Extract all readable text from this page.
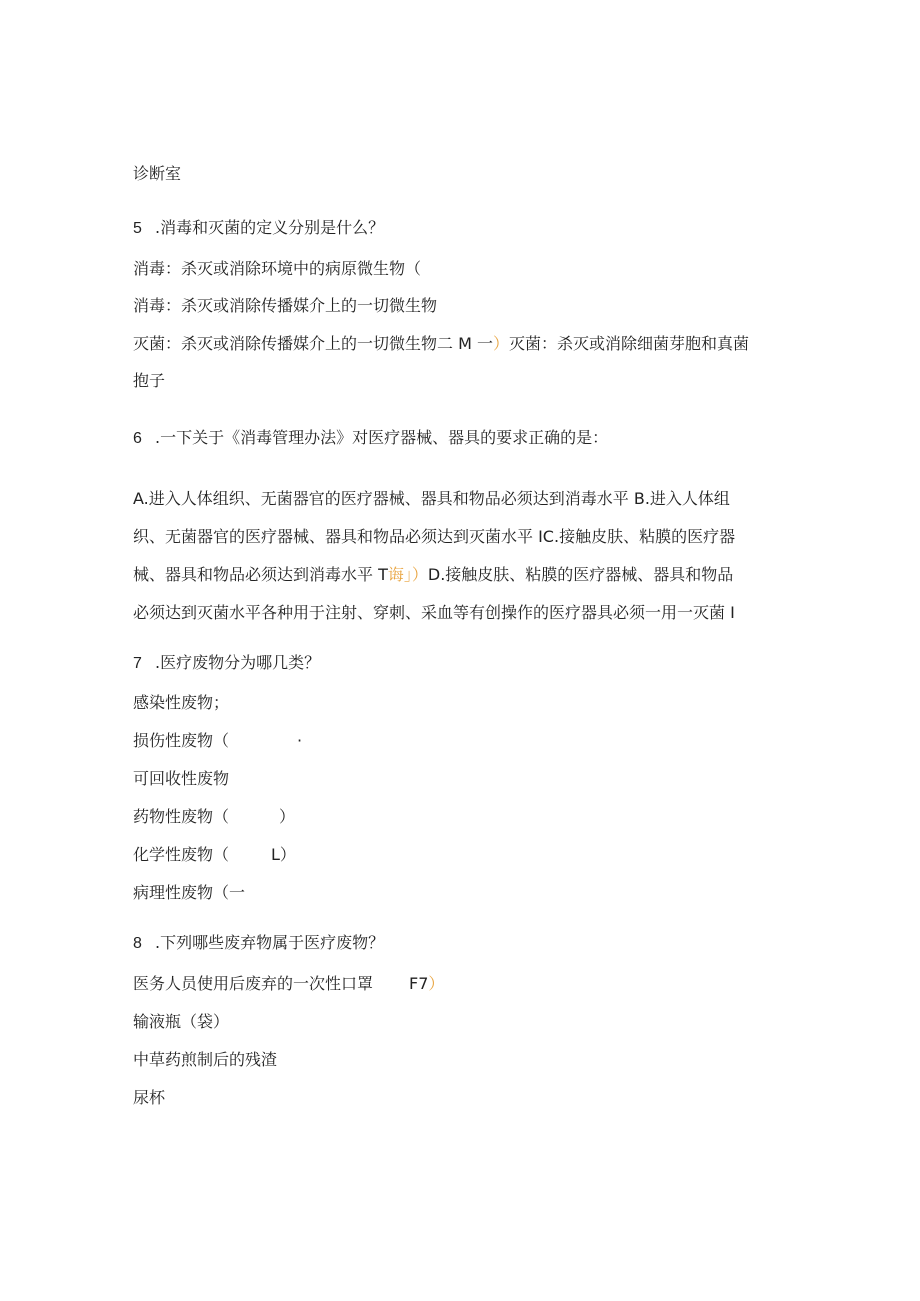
诊断室
5 .消毒和灭菌的定义分别是什么？
消毒：杀灭或消除环境中的病原微生物（
消毒：杀灭或消除传播媒介上的一切微生物
灭菌：杀灭或消除传播媒介上的一切微生物二 M 一）灭菌：杀灭或消除细菌芽胞和真菌
抱子
6 .一下关于《消毒管理办法》对医疗器械、器具的要求正确的是：
A.进入人体组织、无菌器官的医疗器械、器具和物品必须达到消毒水平 B.进入人体组
织、无菌器官的医疗器械、器具和物品必须达到灭菌水平 IC.接触皮肤、粘膜的医疗器
械、器具和物品必须达到消毒水平 T诲」）D.接触皮肤、粘膜的医疗器械、器具和物品
必须达到灭菌水平各种用于注射、穿刺、采血等有创操作的医疗器具必须一用一灭菌 I
7 .医疗废物分为哪几类？
感染性废物；
损伤性废物（	·
可回收性废物
药物性废物（	）
化学性废物（	L）
病理性废物（一
8 .下列哪些废弃物属于医疗废物？
医务人员使用后废弃的一次性口罩 F7）
输液瓶（袋）
中草药煎制后的残渣
尿杯
